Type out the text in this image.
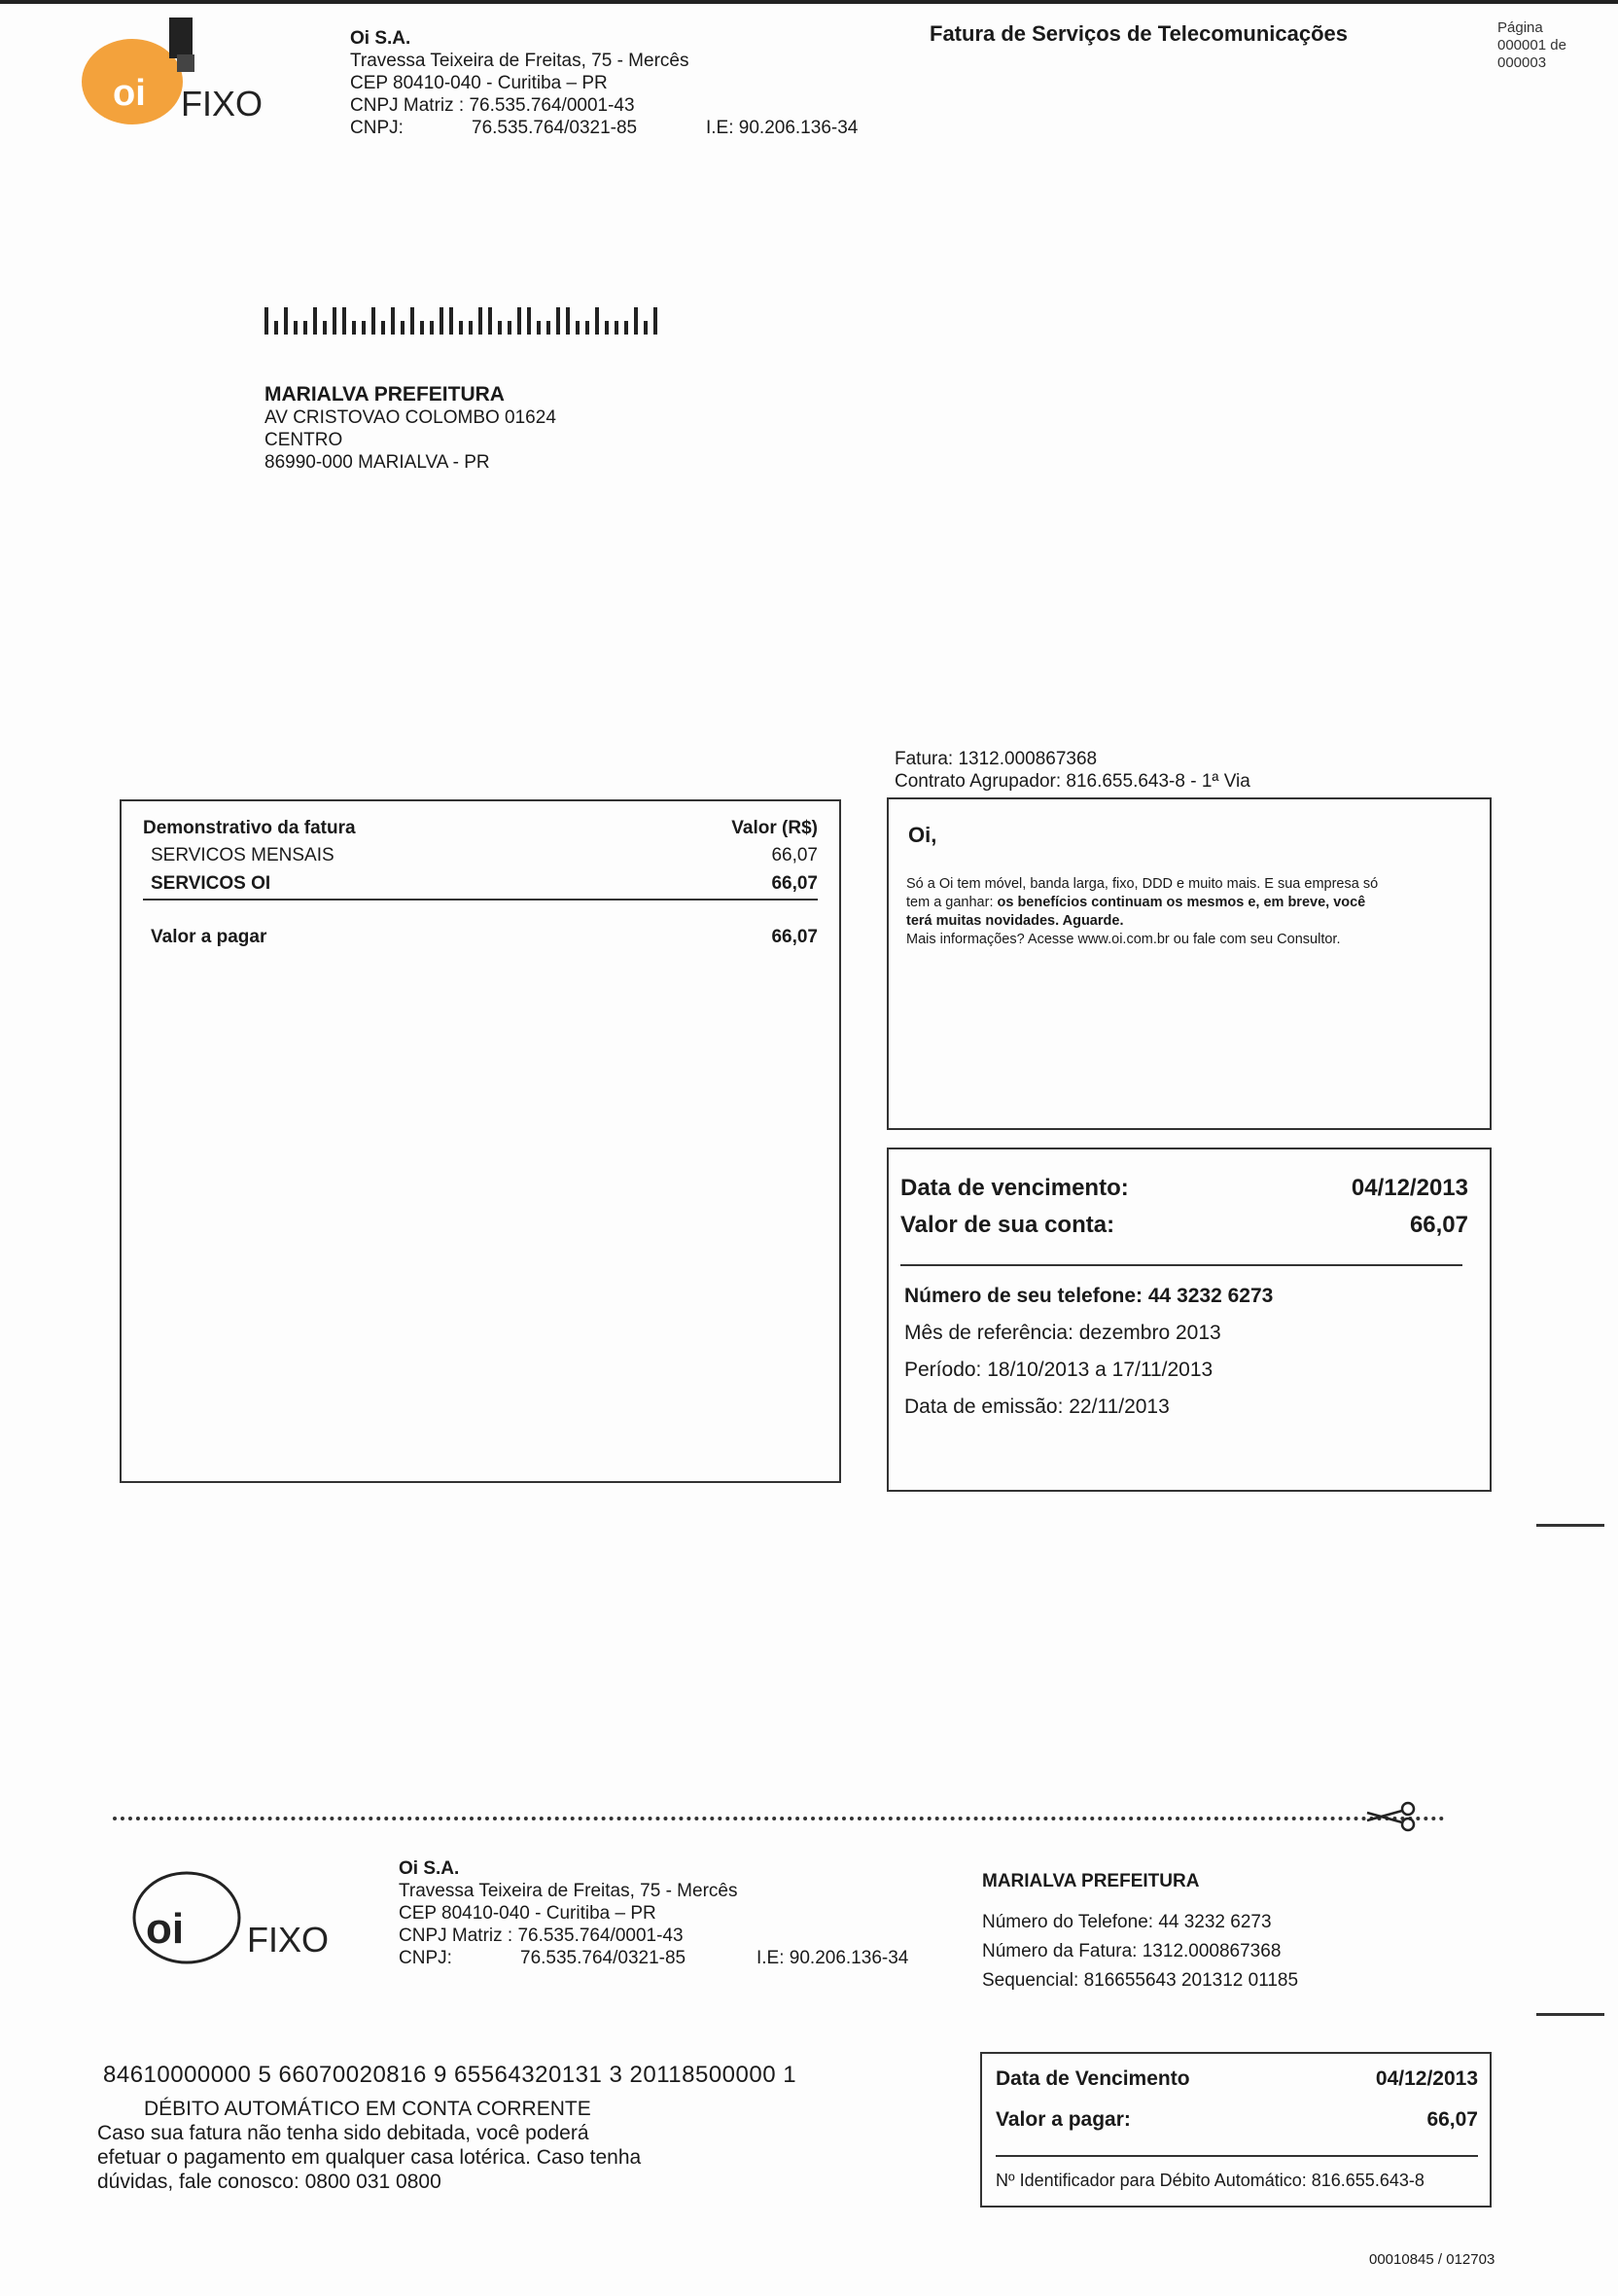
oi FIXO
Oi S.A.
Travessa Teixeira de Freitas, 75 - Mercês
CEP 80410-040 - Curitiba – PR
CNPJ Matriz : 76.535.764/0001-43
CNPJ:	76.535.764/0321-85	I.E: 90.206.136-34
Fatura de Serviços de Telecomunicações	Página
000001 de
000003
MARIALVA PREFEITURA
AV CRISTOVAO COLOMBO 01624
CENTRO
86990-000 MARIALVA - PR
Fatura: 1312.000867368
Contrato Agrupador: 816.655.643-8 - 1ª Via
Demonstrativo da fatura	Valor (R$)
SERVICOS MENSAIS	66,07
SERVICOS OI	66,07
Valor a pagar	66,07
Oi,
Só a Oi tem móvel, banda larga, fixo, DDD e muito mais. E sua empresa só
tem a ganhar: os benefícios continuam os mesmos e, em breve, você
terá muitas novidades. Aguarde.
Mais informações? Acesse www.oi.com.br ou fale com seu Consultor.
Data de vencimento:	04/12/2013
Valor de sua conta:	66,07
Número de seu telefone: 44 3232 6273
Mês de referência: dezembro 2013
Período: 18/10/2013 a 17/11/2013
Data de emissão: 22/11/2013
oi FIXO
Oi S.A.
Travessa Teixeira de Freitas, 75 - Mercês
CEP 80410-040 - Curitiba – PR
CNPJ Matriz : 76.535.764/0001-43
CNPJ:	76.535.764/0321-85	I.E: 90.206.136-34
MARIALVA PREFEITURA
Número do Telefone: 44 3232 6273
Número da Fatura: 1312.000867368
Sequencial: 816655643 201312 01185
84610000000 5 66070020816 9 65564320131 3 20118500000 1
DÉBITO AUTOMÁTICO EM CONTA CORRENTE
Caso sua fatura não tenha sido debitada, você poderá
efetuar o pagamento em qualquer casa lotérica. Caso tenha
dúvidas, fale conosco: 0800 031 0800
Data de Vencimento	04/12/2013
Valor a pagar:	66,07
Nº Identificador para Débito Automático: 816.655.643-8
00010845 / 012703
